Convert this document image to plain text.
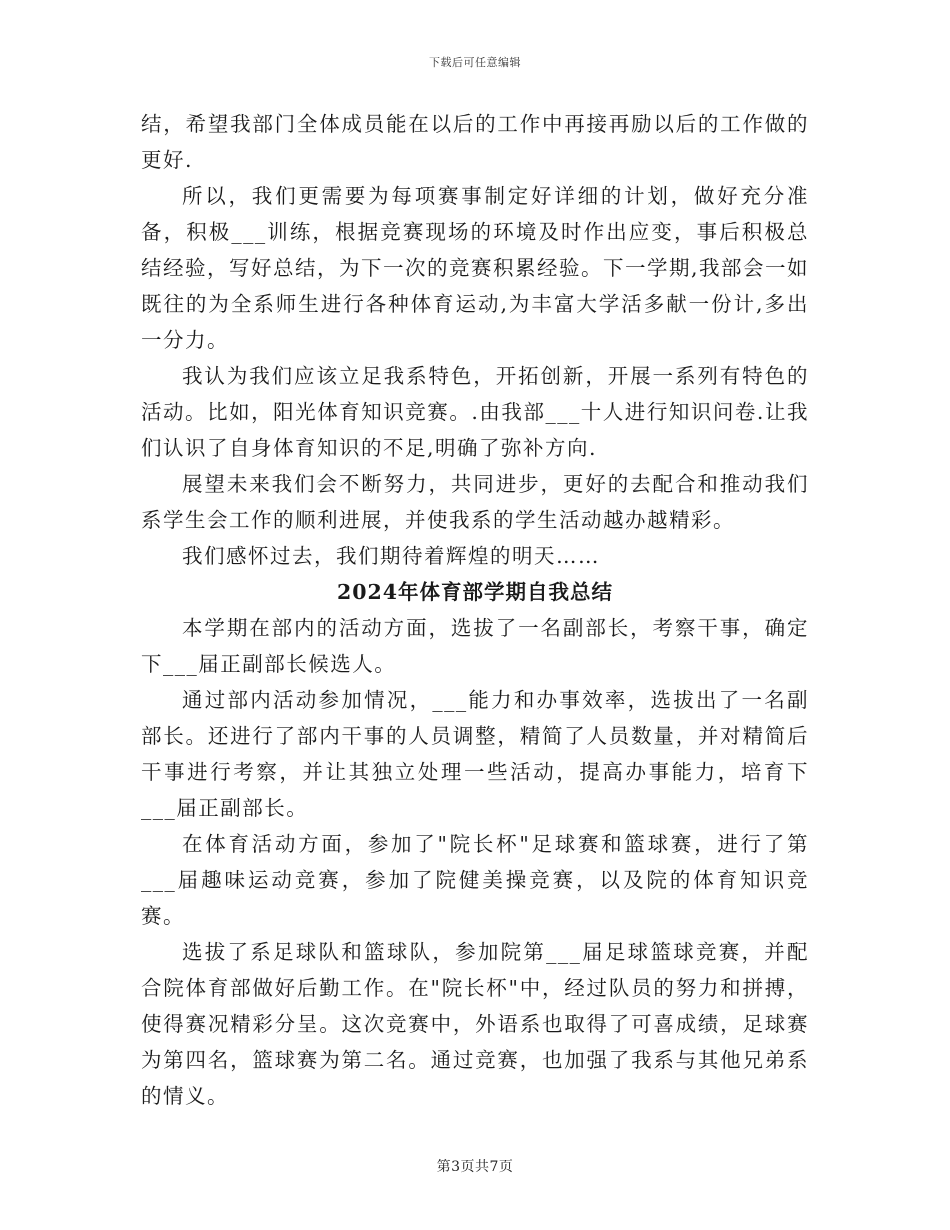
下载后可任意编辑

结，希望我部门全体成员能在以后的工作中再接再励以后的工作做的更好.

所以，我们更需要为每项赛事制定好详细的计划，做好充分准备，积极___训练，根据竞赛现场的环境及时作出应变，事后积极总结经验，写好总结，为下一次的竞赛积累经验。下一学期,我部会一如既往的为全系师生进行各种体育运动,为丰富大学活多献一份计,多出一分力。

我认为我们应该立足我系特色，开拓创新，开展一系列有特色的活动。比如，阳光体育知识竞赛。.由我部___十人进行知识问卷.让我们认识了自身体育知识的不足,明确了弥补方向.

展望未来我们会不断努力，共同进步，更好的去配合和推动我们系学生会工作的顺利进展，并使我系的学生活动越办越精彩。

我们感怀过去，我们期待着辉煌的明天……

2024年体育部学期自我总结

本学期在部内的活动方面，选拔了一名副部长，考察干事，确定下___届正副部长候选人。

通过部内活动参加情况，___能力和办事效率，选拔出了一名副部长。还进行了部内干事的人员调整，精简了人员数量，并对精简后干事进行考察，并让其独立处理一些活动，提高办事能力，培育下___届正副部长。

在体育活动方面，参加了"院长杯"足球赛和篮球赛，进行了第___届趣味运动竞赛，参加了院健美操竞赛，以及院的体育知识竞赛。

选拔了系足球队和篮球队，参加院第___届足球篮球竞赛，并配合院体育部做好后勤工作。在"院长杯"中，经过队员的努力和拼搏，使得赛况精彩分呈。这次竞赛中，外语系也取得了可喜成绩，足球赛为第四名，篮球赛为第二名。通过竞赛，也加强了我系与其他兄弟系的情义。

第3页共7页
